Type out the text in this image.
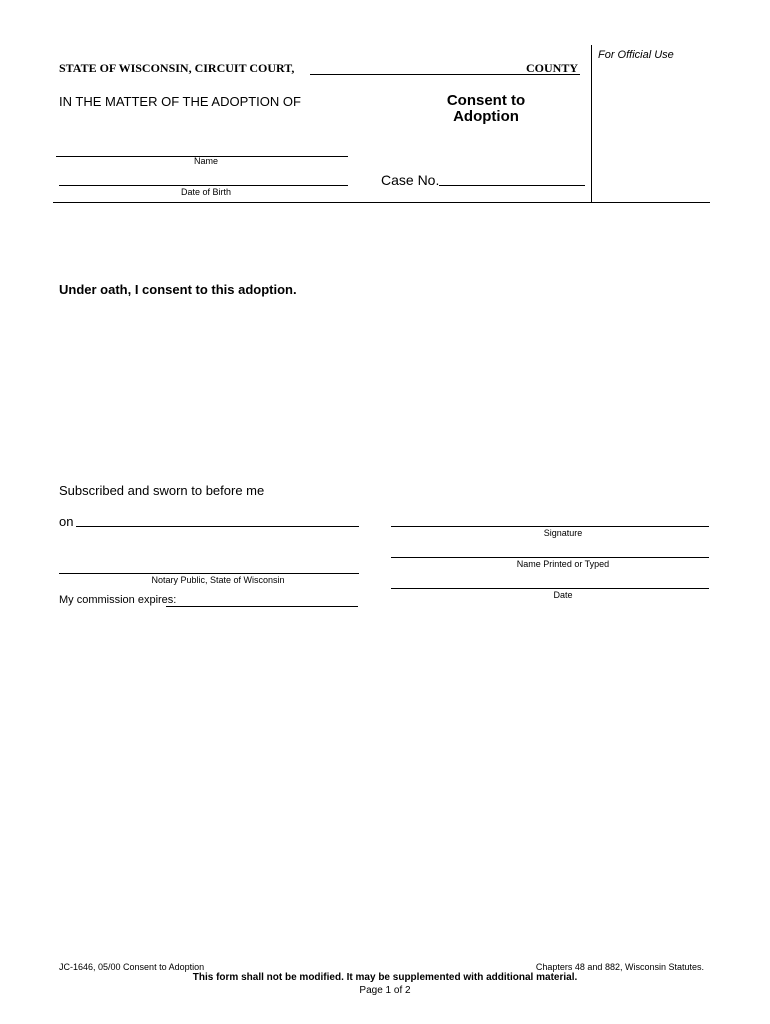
STATE OF WISCONSIN, CIRCUIT COURT,	COUNTY
For Official Use
IN THE MATTER OF THE ADOPTION OF	Consent to
Adoption
Name
Date of Birth
Case No.
Under oath, I consent to this adoption.
Subscribed and sworn to before me
on
Notary Public, State of Wisconsin
My commission expires:
Signature
Name Printed or Typed
Date
JC-1646, 05/00 Consent to Adoption	Chapters 48 and 882, Wisconsin Statutes.
This form shall not be modified. It may be supplemented with additional material.
Page 1 of 2
